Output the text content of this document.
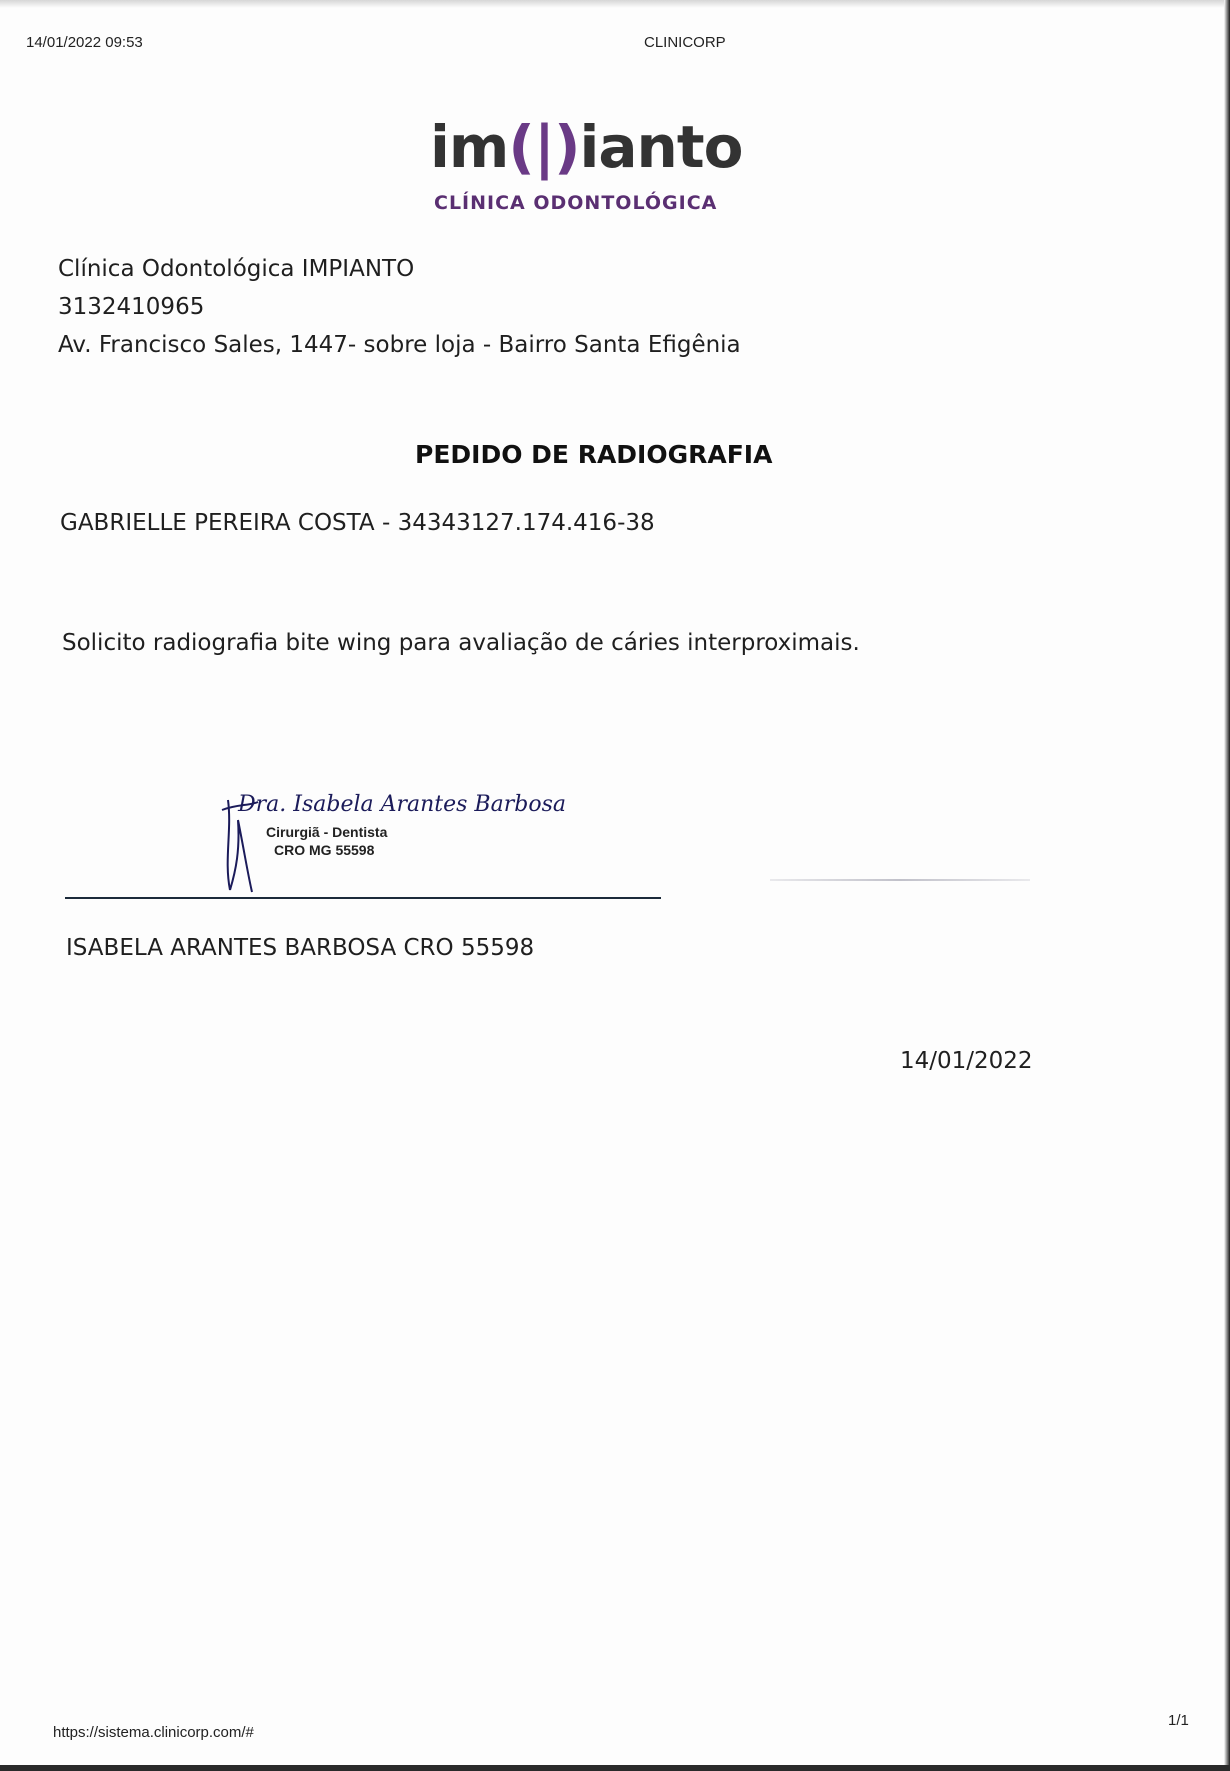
14/01/2022 09:53	CLINICORP
im(|)ianto
CLÍNICA ODONTOLÓGICA
Clínica Odontológica IMPIANTO
3132410965
Av. Francisco Sales, 1447- sobre loja - Bairro Santa Efigênia
PEDIDO DE RADIOGRAFIA
GABRIELLE PEREIRA COSTA - 34343127.174.416-38
Solicito radiografia bite wing para avaliação de cáries interproximais.
Dra. Isabela Arantes Barbosa
Cirurgiã - Dentista
CRO MG 55598
ISABELA ARANTES BARBOSA CRO 55598
14/01/2022
https://sistema.clinicorp.com/#
1/1
